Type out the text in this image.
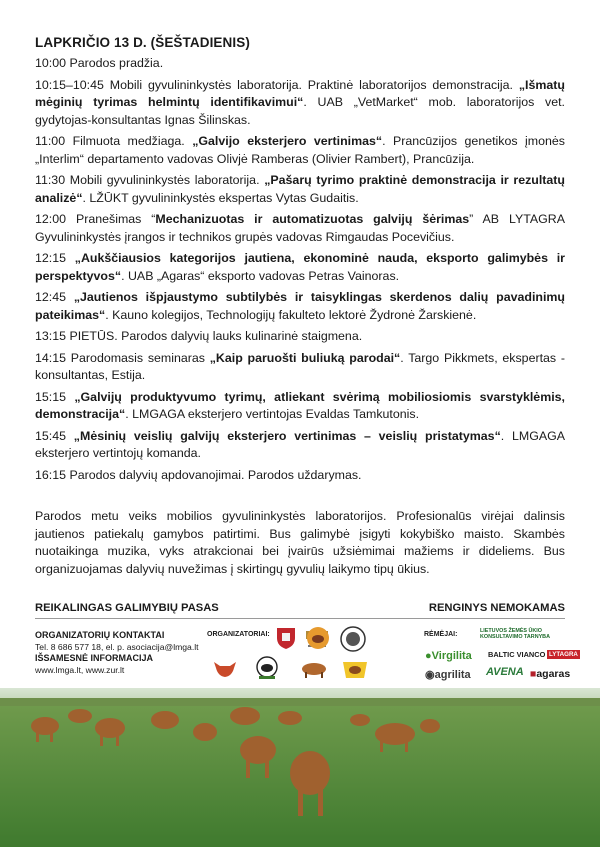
LAPKRIČIO 13 D. (ŠEŠTADIENIS)
10:00 Parodos pradžia.
10:15–10:45 Mobili gyvulininkystės laboratorija. Praktinė laboratorijos demonstracija. „Išmatų mėginių tyrimas helmintų identifikavimui“. UAB „VetMarket“ mob. laboratorijos vet. gydytojas-konsultantas Ignas Šilinskas.
11:00 Filmuota medžiaga. „Galvijo eksterjero vertinimas“. Prancūzijos genetikos įmonės „Interlim“ departamento vadovas Olivjė Ramberas (Olivier Rambert), Prancūzija.
11:30 Mobili gyvulininkystės laboratorija. „Pašarų tyrimo praktinė demonstracija ir rezultatų analizė“. LŽŪKT gyvulininkystės ekspertas Vytas Gudaitis.
12:00 Pranešimas “Mechanizuotas ir automatizuotas galvijų šėrimas” AB LYTAGRA Gyvulininkystės įrangos ir technikos grupės vadovas Rimgaudas Pocevičius.
12:15 „Aukščiausios kategorijos jautiena, ekonominė nauda, eksporto galimybės ir perspektyvos“. UAB „Agaras“ eksporto vadovas Petras Vainoras.
12:45 „Jautienos išpjaustymo subtilybės ir taisyklingas skerdenos dalių pavadinimų pateikimas“. Kauno kolegijos, Technologijų fakulteto lektorė Žydronė Žarskienė.
13:15 PIETŪS. Parodos dalyvių lauks kulinarinė staigmena.
14:15 Parodomasis seminaras „Kaip paruošti buliuką parodai“. Targo Pikkmets, ekspertas - konsultantas, Estija.
15:15 „Galvijų produktyvumo tyrimų, atliekant svėrimą mobiliosiomis svarstyklėmis, demonstracija“. LMGAGA eksterjero vertintojas Evaldas Tamkutonis.
15:45 „Mėsinių veislių galvijų eksterjero vertinimas – veislių pristatymas“. LMGAGA eksterjero vertintojų komanda.
16:15 Parodos dalyvių apdovanojimai. Parodos uždarymas.
Parodos metu veiks mobilios gyvulininkystės laboratorijos. Profesionalūs virėjai dalinsis jautienos patiekalų gamybos patirtimi. Bus galimybė įsigyti kokybiško maisto. Skambės nuotaikinga muzika, vyks atrakcionai bei įvairūs užsiėmimai mažiems ir dideliems. Bus organizuojamas dalyvių nuvežimas į skirtingų gyvulių laikymo tipų ūkius.
REIKALINGAS GALIMYBIŲ PASAS	RENGINYS NEMOKAMAS
ORGANIZATORIŲ KONTAKTAI
Tel. 8 686 577 18, el. p. asociacija@lmga.lt
IŠSAMESNĖ INFORMACIJA
www.lmga.lt, www.zur.lt
ORGANIZATORIAI:	RĖMĖJAI:	LIETUVOS ŽEMĖS ŪKIO
KONSULTAVIMO TARNYBA
●Virgilita BALTIC VIANCO LYTAGRA
◉agrilita AVENA ■agaras
